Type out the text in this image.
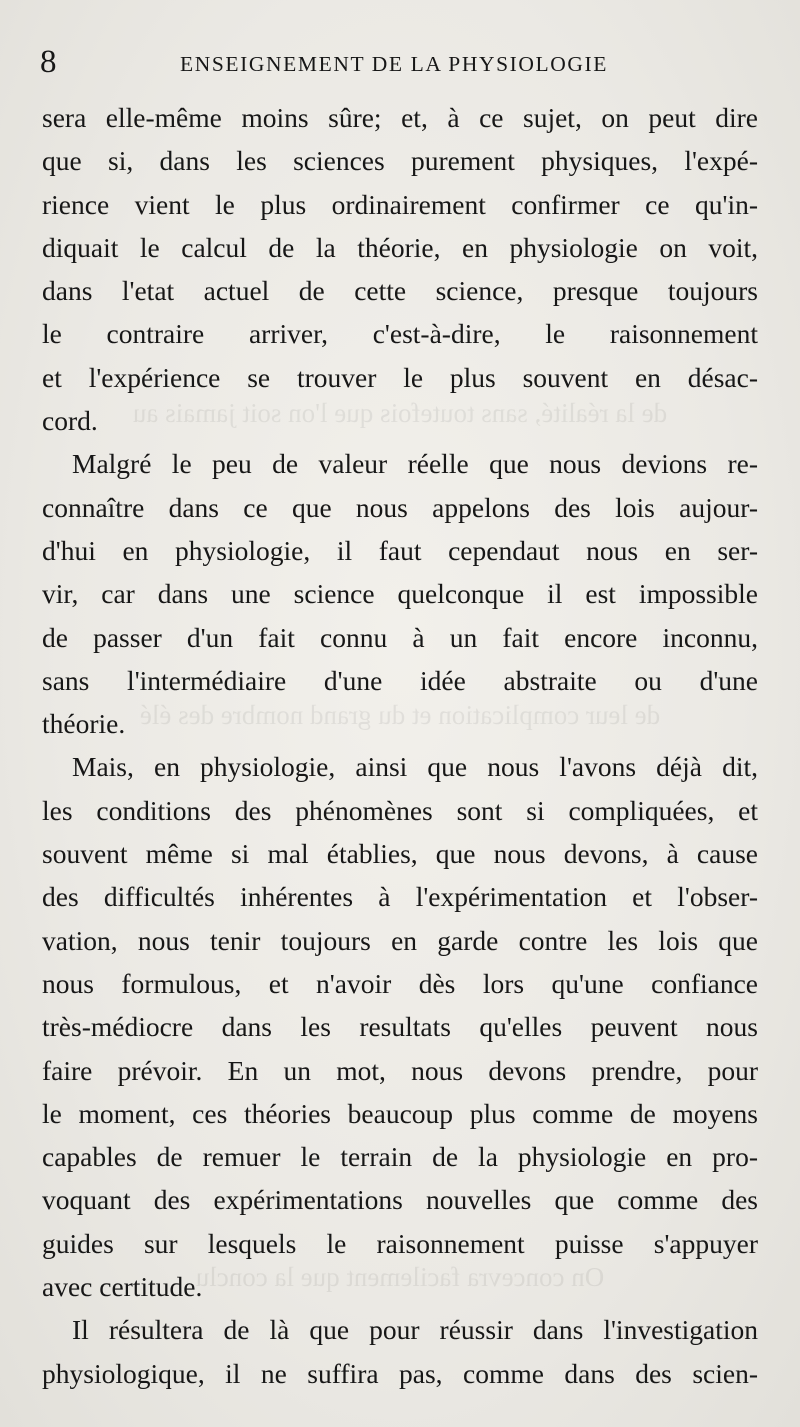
de la réalité, sans toutefois que l'on soit jamais au
de leur complication et du grand nombre des élé
On concevra facilement que la conclu
8	ENSEIGNEMENT DE LA PHYSIOLOGIE
sera elle-même moins sûre; et, à ce sujet, on peut dire
que si, dans les sciences purement physiques, l'expé-
rience vient le plus ordinairement confirmer ce qu'in-
diquait le calcul de la théorie, en physiologie on voit,
dans l'etat actuel de cette science, presque toujours
le contraire arriver, c'est-à-dire, le raisonnement
et l'expérience se trouver le plus souvent en désac-
cord.
Malgré le peu de valeur réelle que nous devions re-
connaître dans ce que nous appelons des lois aujour-
d'hui en physiologie, il faut cependaut nous en ser-
vir, car dans une science quelconque il est impossible
de passer d'un fait connu à un fait encore inconnu,
sans l'intermédiaire d'une idée abstraite ou d'une
théorie.
Mais, en physiologie, ainsi que nous l'avons déjà dit,
les conditions des phénomènes sont si compliquées, et
souvent même si mal établies, que nous devons, à cause
des difficultés inhérentes à l'expérimentation et l'obser-
vation, nous tenir toujours en garde contre les lois que
nous formulous, et n'avoir dès lors qu'une confiance
très-médiocre dans les resultats qu'elles peuvent nous
faire prévoir. En un mot, nous devons prendre, pour
le moment, ces théories beaucoup plus comme de moyens
capables de remuer le terrain de la physiologie en pro-
voquant des expérimentations nouvelles que comme des
guides sur lesquels le raisonnement puisse s'appuyer
avec certitude.
Il résultera de là que pour réussir dans l'investigation
physiologique, il ne suffira pas, comme dans des scien-
